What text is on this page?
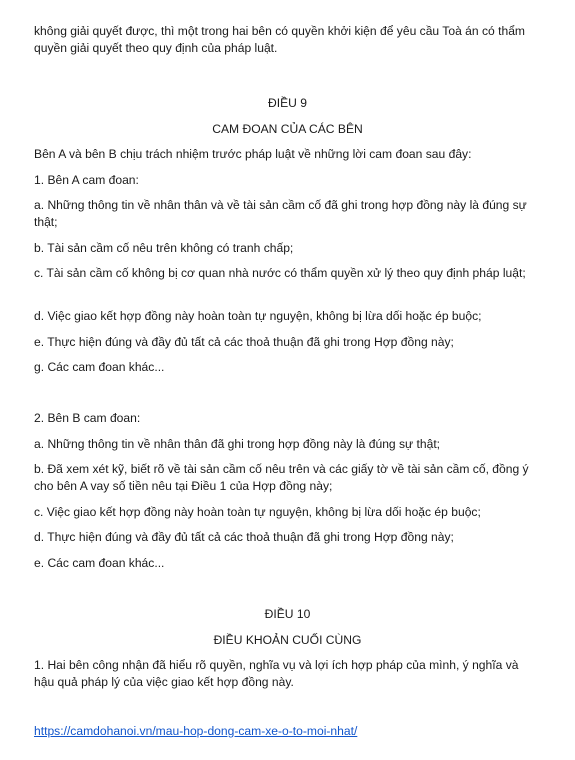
không giải quyết được, thì một trong hai bên có quyền khởi kiện để yêu cầu Toà án có thẩm quyền giải quyết theo quy định của pháp luật.

ĐIỀU 9

CAM ĐOAN CỦA CÁC BÊN

Bên A và bên B chịu trách nhiệm trước pháp luật về những lời cam đoan sau đây:

1. Bên A cam đoan:

a. Những thông tin về nhân thân và về tài sản cầm cố đã ghi trong hợp đồng này là đúng sự thật;

b. Tài sản cầm cố nêu trên không có tranh chấp;

c. Tài sản cầm cố không bị cơ quan nhà nước có thẩm quyền xử lý theo quy định pháp luật;

d. Việc giao kết hợp đồng này hoàn toàn tự nguyện, không bị lừa dối hoặc ép buộc;

e. Thực hiện đúng và đầy đủ tất cả các thoả thuận đã ghi trong Hợp đồng này;

g. Các cam đoan khác...

2. Bên B cam đoan:

a. Những thông tin về nhân thân đã ghi trong hợp đồng này là đúng sự thật;

b. Đã xem xét kỹ, biết rõ về tài sản cầm cố nêu trên và các giấy tờ về tài sản cầm cố, đồng ý cho bên A vay số tiền nêu tại Điều 1 của Hợp đồng này;

c. Việc giao kết hợp đồng này hoàn toàn tự nguyện, không bị lừa dối hoặc ép buộc;

d. Thực hiện đúng và đầy đủ tất cả các thoả thuận đã ghi trong Hợp đồng này;

e. Các cam đoan khác...

ĐIỀU 10

ĐIỀU KHOẢN CUỐI CÙNG

1. Hai bên công nhận đã hiểu rõ quyền, nghĩa vụ và lợi ích hợp pháp của mình, ý nghĩa và hậu quả pháp lý của việc giao kết hợp đồng này.

https://camdohanoi.vn/mau-hop-dong-cam-xe-o-to-moi-nhat/
